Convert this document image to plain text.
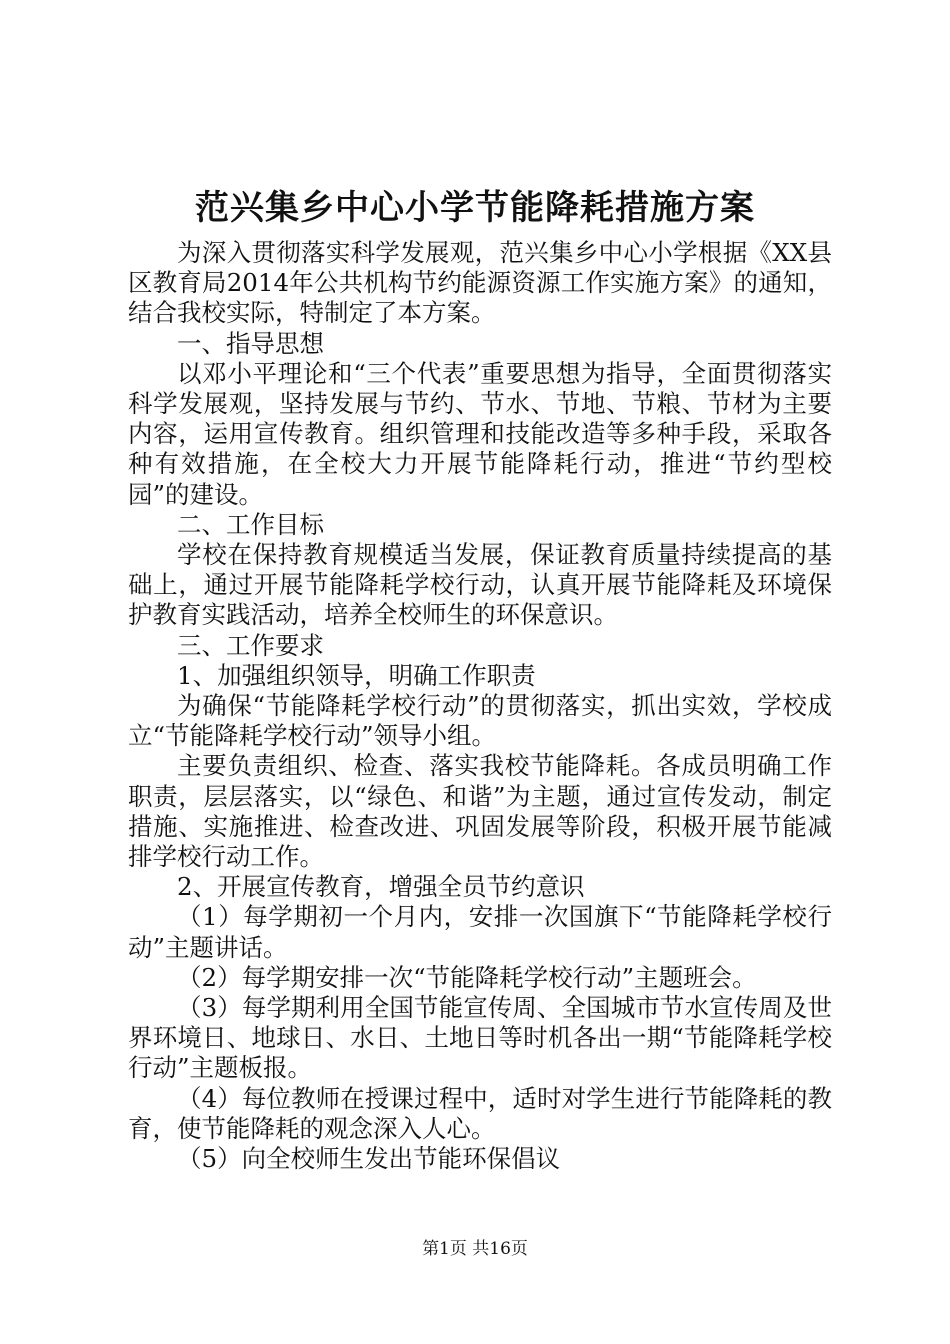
范兴集乡中心小学节能降耗措施方案

为深入贯彻落实科学发展观，范兴集乡中心小学根据《XX县区教育局2014年公共机构节约能源资源工作实施方案》的通知，结合我校实际，特制定了本方案。

一、指导思想

以邓小平理论和“三个代表”重要思想为指导，全面贯彻落实科学发展观，坚持发展与节约、节水、节地、节粮、节材为主要内容，运用宣传教育。组织管理和技能改造等多种手段，采取各种有效措施，在全校大力开展节能降耗行动，推进“节约型校园”的建设。

二、工作目标

学校在保持教育规模适当发展，保证教育质量持续提高的基础上，通过开展节能降耗学校行动，认真开展节能降耗及环境保护教育实践活动，培养全校师生的环保意识。

三、工作要求

1、加强组织领导，明确工作职责

为确保“节能降耗学校行动”的贯彻落实，抓出实效，学校成立“节能降耗学校行动”领导小组。

主要负责组织、检查、落实我校节能降耗。各成员明确工作职责，层层落实，以“绿色、和谐”为主题，通过宣传发动，制定措施、实施推进、检查改进、巩固发展等阶段，积极开展节能减排学校行动工作。

2、开展宣传教育，增强全员节约意识

（1）每学期初一个月内，安排一次国旗下“节能降耗学校行动”主题讲话。

（2）每学期安排一次“节能降耗学校行动”主题班会。

（3）每学期利用全国节能宣传周、全国城市节水宣传周及世界环境日、地球日、水日、土地日等时机各出一期“节能降耗学校行动”主题板报。

（4）每位教师在授课过程中，适时对学生进行节能降耗的教育，使节能降耗的观念深入人心。

（5）向全校师生发出节能环保倡议

第1页 共16页
